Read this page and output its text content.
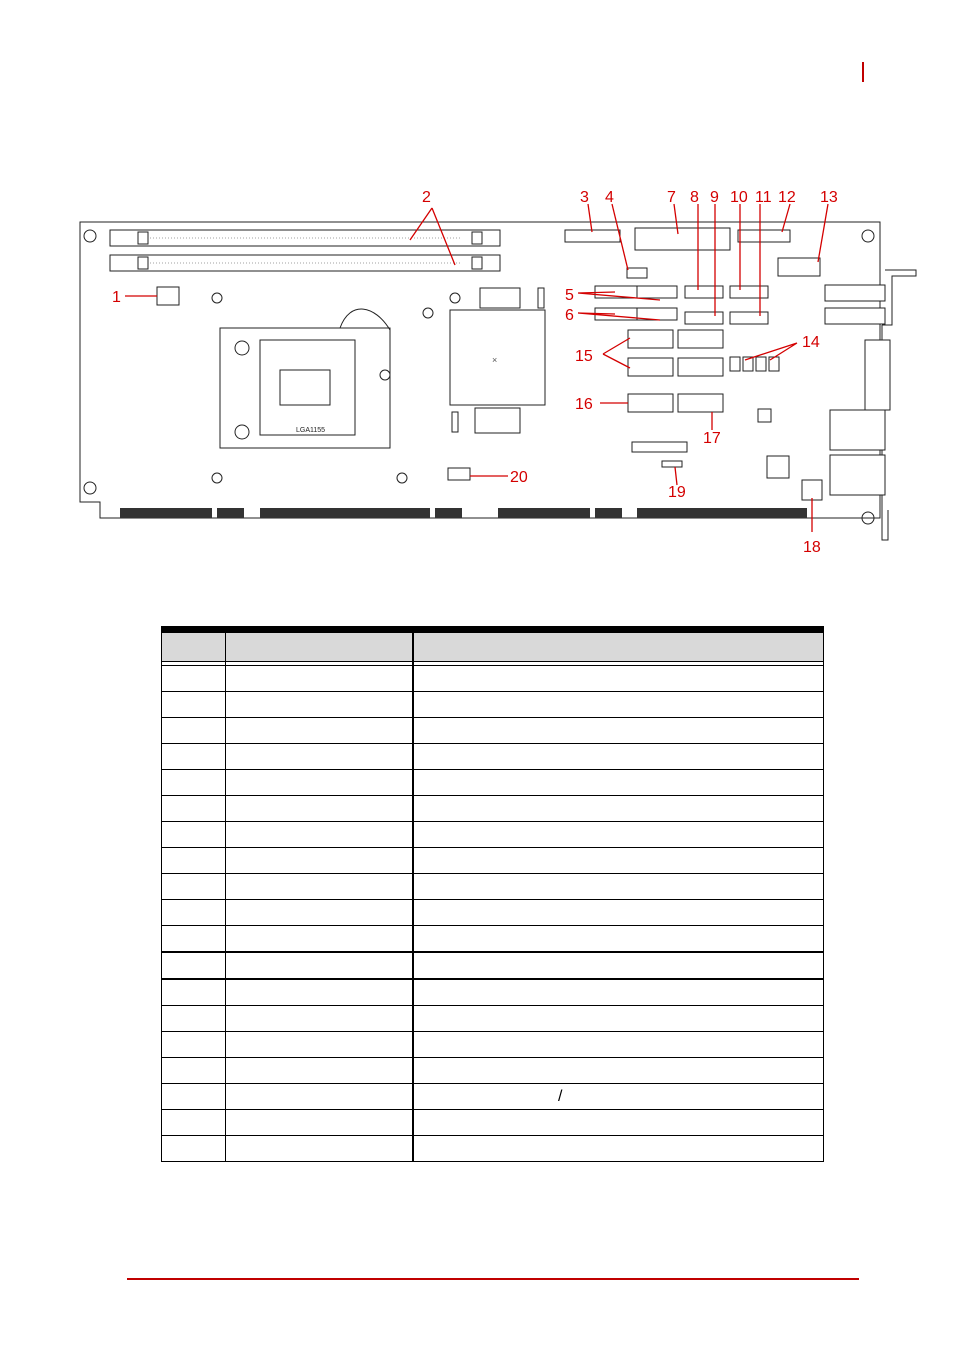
LGA1155
×
2	3 4	7 8 9 10 11 12 13
1	5
6
15
14
16
17
19
20
18

		/
